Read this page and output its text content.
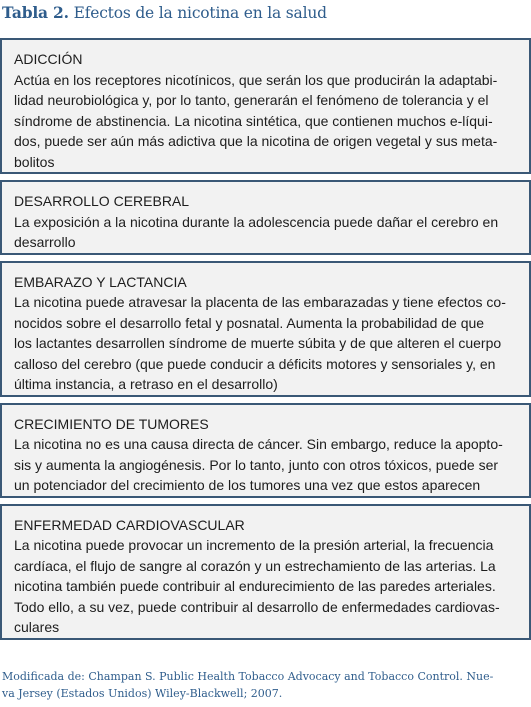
Tabla 2. Efectos de la nicotina en la salud
ADICCIÓN
Actúa en los receptores nicotínicos, que serán los que producirán la adaptabi-
lidad neurobiológica y, por lo tanto, generarán el fenómeno de tolerancia y el
síndrome de abstinencia. La nicotina sintética, que contienen muchos e-líqui-
dos, puede ser aún más adictiva que la nicotina de origen vegetal y sus meta-
bolitos
DESARROLLO CEREBRAL
La exposición a la nicotina durante la adolescencia puede dañar el cerebro en
desarrollo
EMBARAZO Y LACTANCIA
La nicotina puede atravesar la placenta de las embarazadas y tiene efectos co-
nocidos sobre el desarrollo fetal y posnatal. Aumenta la probabilidad de que
los lactantes desarrollen síndrome de muerte súbita y de que alteren el cuerpo
calloso del cerebro (que puede conducir a déficits motores y sensoriales y, en
última instancia, a retraso en el desarrollo)
CRECIMIENTO DE TUMORES
La nicotina no es una causa directa de cáncer. Sin embargo, reduce la apopto-
sis y aumenta la angiogénesis. Por lo tanto, junto con otros tóxicos, puede ser
un potenciador del crecimiento de los tumores una vez que estos aparecen
ENFERMEDAD CARDIOVASCULAR
La nicotina puede provocar un incremento de la presión arterial, la frecuencia
cardíaca, el flujo de sangre al corazón y un estrechamiento de las arterias. La
nicotina también puede contribuir al endurecimiento de las paredes arteriales.
Todo ello, a su vez, puede contribuir al desarrollo de enfermedades cardiovas-
culares
Modificada de: Champan S. Public Health Tobacco Advocacy and Tobacco Control. Nue-
va Jersey (Estados Unidos) Wiley-Blackwell; 2007.
